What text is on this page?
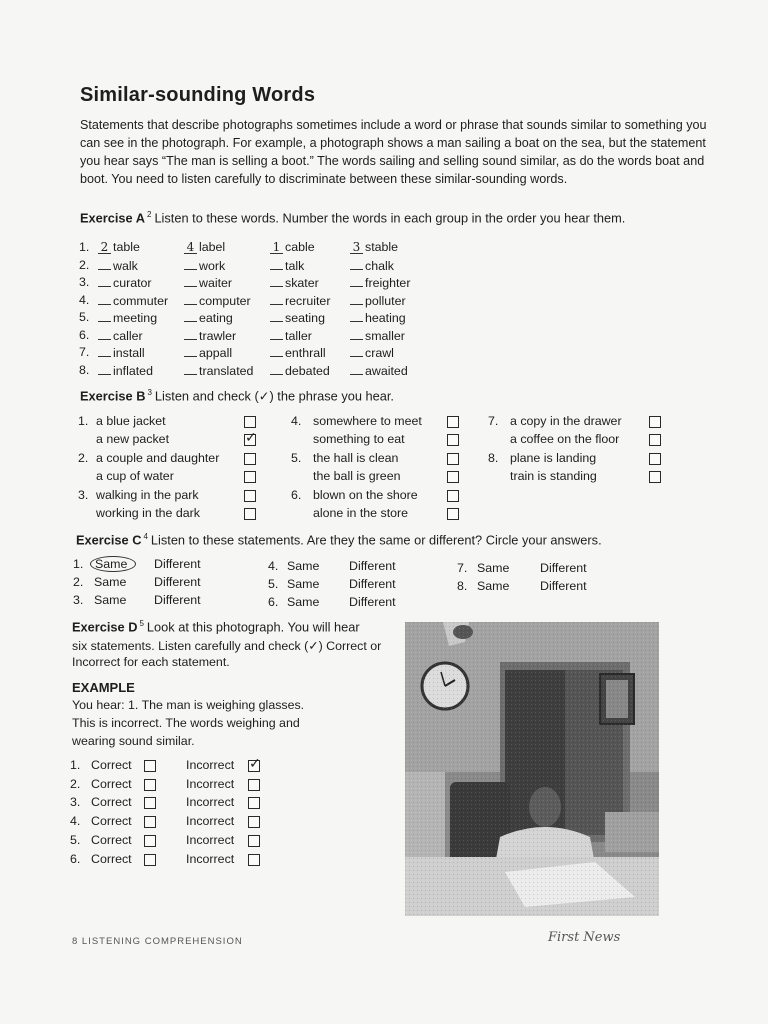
Similar-sounding Words
Statements that describe photographs sometimes include a word or phrase that sounds similar to something you can see in the photograph. For example, a photograph shows a man sailing a boat on the sea, but the statement you hear says “The man is selling a boot.” The words sailing and selling sound similar, as do the words boat and boot. You need to listen carefully to discriminate between these similar-sounding words.
Exercise A $^2$ Listen to these words. Number the words in each group in the order you hear them.
Exercise B $^3$ Listen and check (✓) the phrase you hear.
Exercise C $^4$ Listen to these statements. Are they the same or different? Circle your answers.
Exercise D $^5$ Look at this photograph. You will hear
six statements. Listen carefully and check (✓) Correct or
Incorrect for each statement.
EXAMPLE
You hear: 1. The man is weighing glasses.
This is incorrect. The words weighing and
wearing sound similar.
8 LISTENING COMPREHENSION	First News
1. 2 table	4 label	1 cable	3 stable
2.	walk	work	talk	chalk
3.	curator	waiter	skater	freighter
4.	commuter	computer	recruiter	polluter
5.	meeting	eating	seating	heating
6.	caller	trawler	taller	smaller
7.	install	appall	enthrall	crawl
8.	inflated	translated	debated	awaited
1. a blue jacket
a new packet	✓
2. a couple and daughter
a cup of water
3. walking in the park
working in the dark
4. somewhere to meet
something to eat
5. the hall is clean
the ball is green
6. blown on the shore
alone in the store
7. a copy in the drawer
a coffee on the floor
8. plane is landing
train is standing
1. Same	Different
2. Same Different
3. Same Different
4. Same Different
5. Same Different
6. Same Different
7. Same Different
8. Same Different
1. Correct	Incorrect ✓
2. Correct	Incorrect
3. Correct	Incorrect
4. Correct	Incorrect
5. Correct	Incorrect
6. Correct	Incorrect
